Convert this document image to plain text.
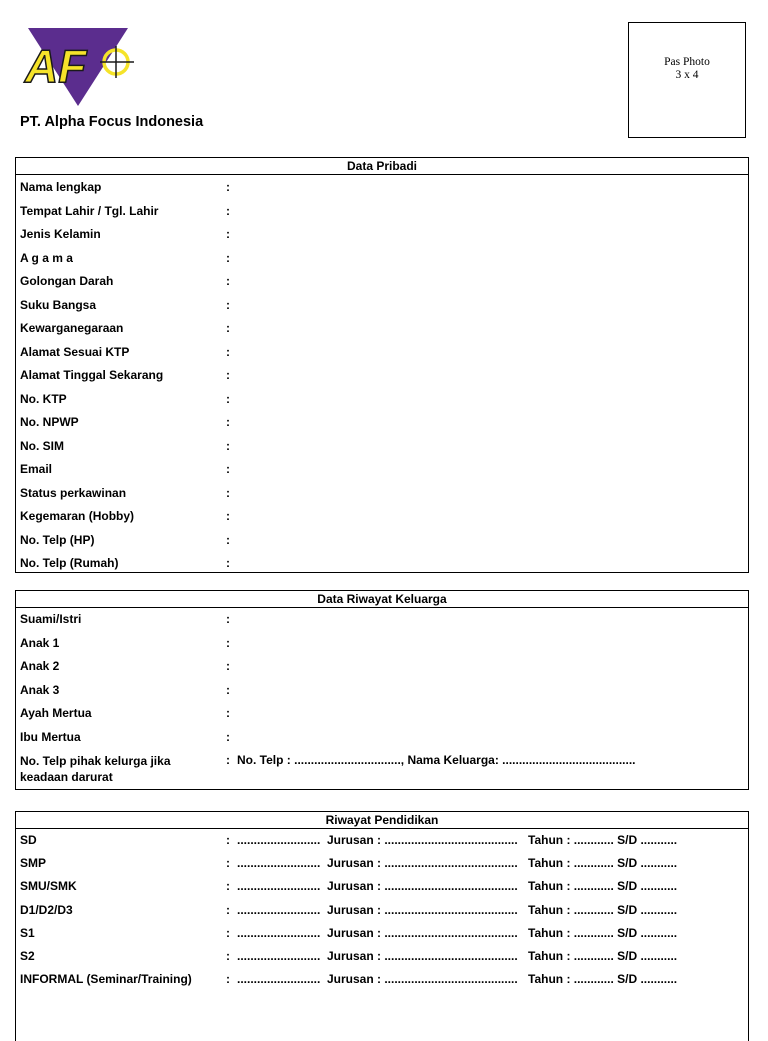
AF
PT. Alpha Focus Indonesia
Pas Photo
3 x 4
Data Pribadi
Nama lengkap	:
Tempat Lahir / Tgl. Lahir	:
Jenis Kelamin	:
A g a m a	:
Golongan Darah	:
Suku Bangsa	:
Kewarganegaraan	:
Alamat Sesuai KTP	:
Alamat Tinggal Sekarang	:
No. KTP	:
No. NPWP	:
No. SIM	:
Email	:
Status perkawinan	:
Kegemaran (Hobby)	:
No. Telp (HP)	:
No. Telp (Rumah)	:
Data Riwayat Keluarga
Suami/Istri	:
Anak 1	:
Anak 2	:
Anak 3	:
Ayah Mertua	:
Ibu Mertua	:
No. Telp pihak kelurga jika keadaan darurat
: No. Telp : ................................, Nama Keluarga: ........................................
Riwayat Pendidikan
SD	: ......................... Jurusan : ........................................ Tahun : ............ S/D ...........
SMP	: ......................... Jurusan : ........................................ Tahun : ............ S/D ...........
SMU/SMK	: ......................... Jurusan : ........................................ Tahun : ............ S/D ...........
D1/D2/D3	: ......................... Jurusan : ........................................ Tahun : ............ S/D ...........
S1	: ......................... Jurusan : ........................................ Tahun : ............ S/D ...........
S2	: ......................... Jurusan : ........................................ Tahun : ............ S/D ...........
INFORMAL (Seminar/Training)	: ......................... Jurusan : ........................................ Tahun : ............ S/D ...........
